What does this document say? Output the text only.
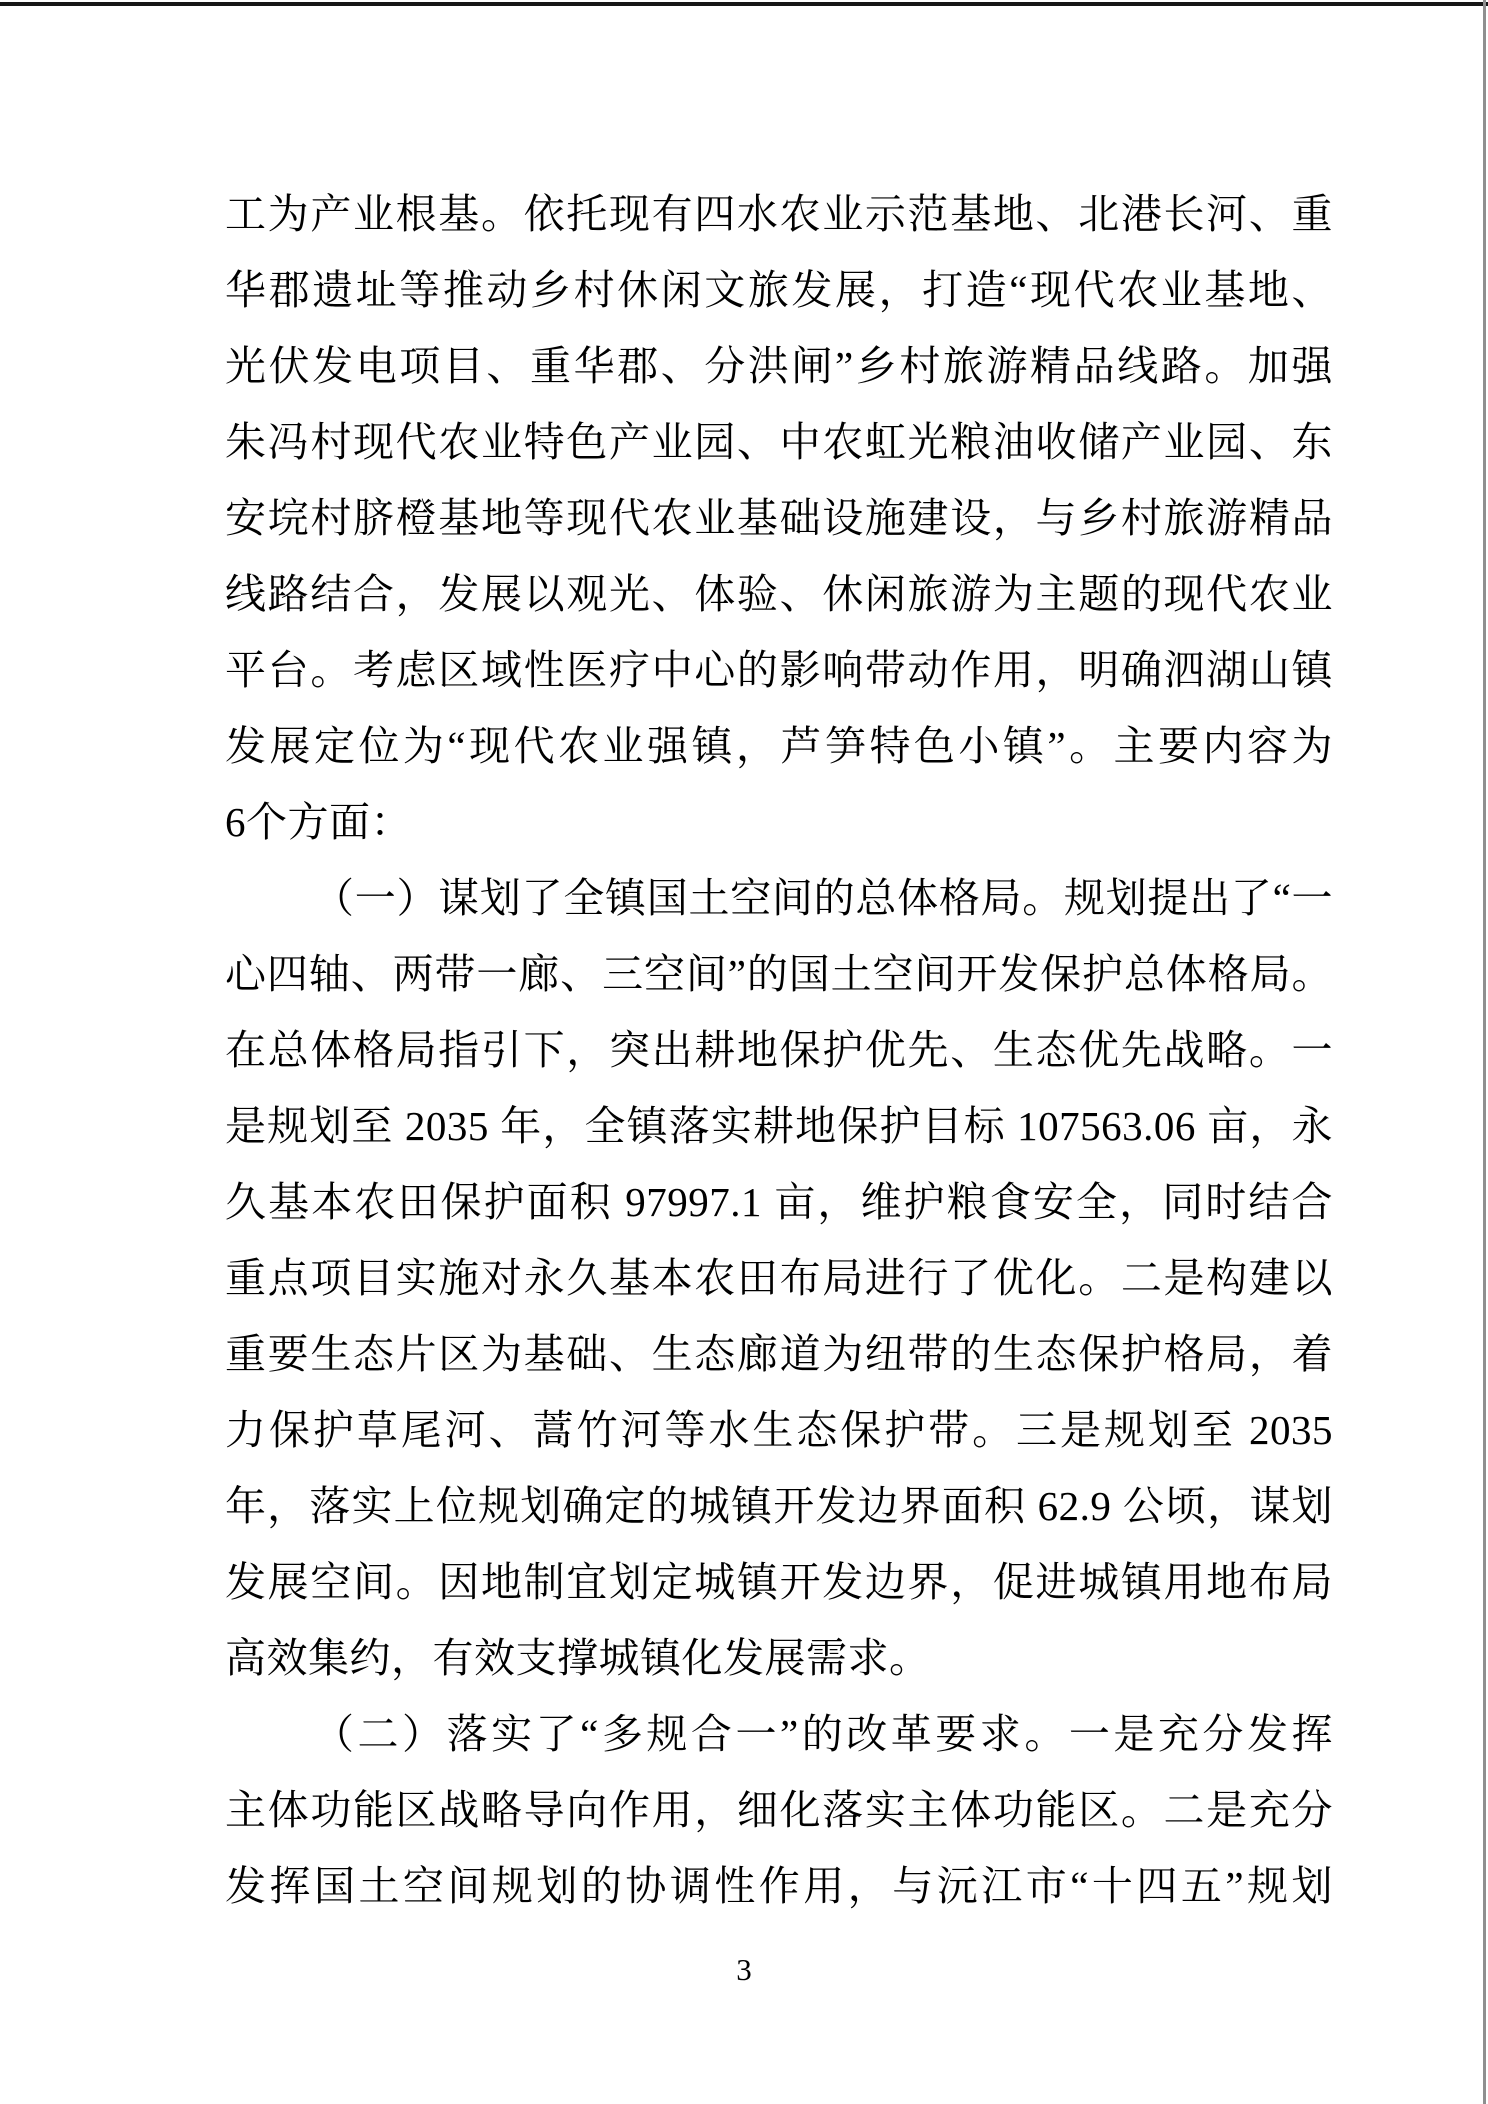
工为产业根基。依托现有四水农业示范基地、北港长河、重
华郡遗址等推动乡村休闲文旅发展，打造“现代农业基地、
光伏发电项目、重华郡、分洪闸”乡村旅游精品线路。加强
朱冯村现代农业特色产业园、中农虹光粮油收储产业园、东
安垸村脐橙基地等现代农业基础设施建设，与乡村旅游精品
线路结合，发展以观光、体验、休闲旅游为主题的现代农业
平台。考虑区域性医疗中心的影响带动作用，明确泗湖山镇
发展定位为“现代农业强镇，芦笋特色小镇”。主要内容为
6个方面：
（一）谋划了全镇国土空间的总体格局。规划提出了“一
心四轴、两带一廊、三空间”的国土空间开发保护总体格局。
在总体格局指引下，突出耕地保护优先、生态优先战略。一
是规划至 2035 年，全镇落实耕地保护目标 107563.06 亩，永
久基本农田保护面积 97997.1 亩，维护粮食安全，同时结合
重点项目实施对永久基本农田布局进行了优化。二是构建以
重要生态片区为基础、生态廊道为纽带的生态保护格局，着
力保护草尾河、蒿竹河等水生态保护带。三是规划至 2035
年，落实上位规划确定的城镇开发边界面积 62.9 公顷，谋划
发展空间。因地制宜划定城镇开发边界，促进城镇用地布局
高效集约，有效支撑城镇化发展需求。
（二）落实了“多规合一”的改革要求。一是充分发挥
主体功能区战略导向作用，细化落实主体功能区。二是充分
发挥国土空间规划的协调性作用，与沅江市“十四五”规划
3
